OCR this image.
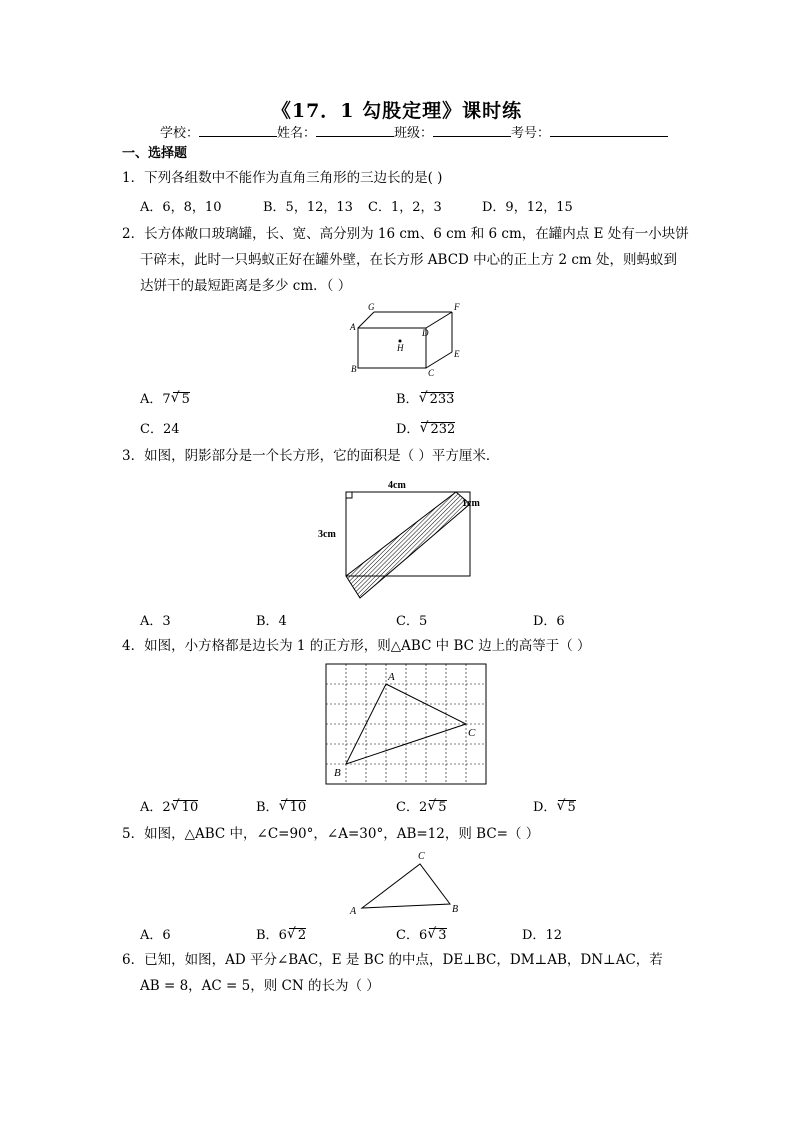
《17．1 勾股定理》课时练
学校：	姓名：	班级：	考号：
一、选择题
1．下列各组数中不能作为直角三角形的三边长的是( )
A．6，8，10	B．5，12，13 C．1，2，3	D．9，12，15
2．长方体敞口玻璃罐，长、宽、高分别为 16 cm、6 cm 和 6 cm，在罐内点 E 处有一小块饼
干碎末，此时一只蚂蚁正好在罐外壁，在长方形 ABCD 中心的正上方 2 cm 处，则蚂蚁到
达饼干的最短距离是多少 cm．（ ）
G	F
A
D
H
E
B	C
A．7 √ 5	B． √ 233
C．24	D． √ 232
3．如图，阴影部分是一个长方形，它的面积是（ ）平方厘米．
4cm
3cm
1cm
A．3	B．4	C．5	D．6
4．如图，小方格都是边长为 1 的正方形，则△ABC 中 BC 边上的高等于（ ）
A
B
C
A．2 √ 10	B． √ 10	C．2 √ 5	D． √ 5
5．如图，△ABC 中，∠C=90°，∠A=30°，AB=12，则 BC=（ ）
C
A	B
A．6	B．6 √ 2	C．6 √ 3	D．12
6．已知，如图，AD 平分∠BAC，E 是 BC 的中点，DE⊥BC，DM⊥AB，DN⊥AC，若
AB = 8，AC = 5，则 CN 的长为（ ）
